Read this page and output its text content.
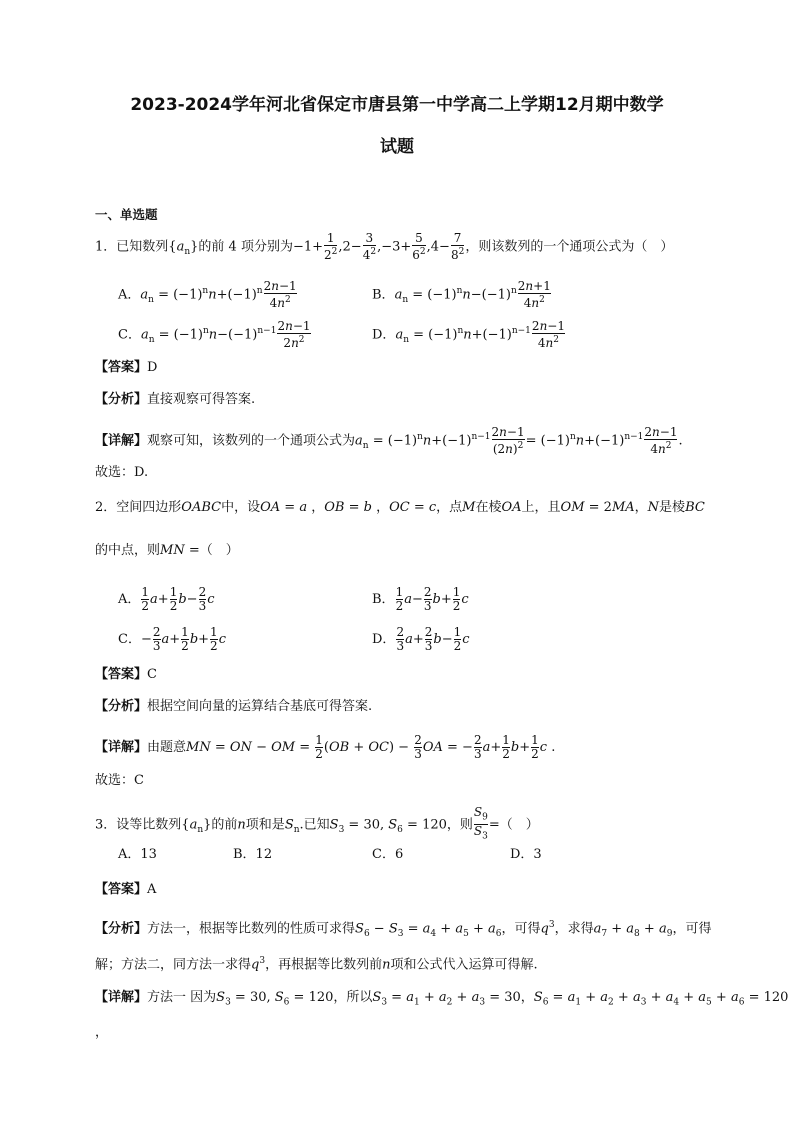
2023-2024学年河北省保定市唐县第一中学高二上学期12月期中数学
试题
一、单选题
1．已知数列$\{a_n\}$的前 4 项分别为$-1+ \frac{1}{2^2} ,2- \frac{3}{4^2} ,-3+ \frac{5}{6^2} ,4- \frac{7}{8^2}$ ，则该数列的一个通项公式为（　）
A．$a_n = (-1)^nn+(-1)^n \frac{2n-1}{4n^2}$	B．$a_n = (-1)^nn-(-1)^n \frac{2n+1}{4n^2}$
C．$a_n = (-1)^nn-(-1)^{n-1} \frac{2n-1}{2n^2}$	D．$a_n = (-1)^nn+(-1)^{n-1} \frac{2n-1}{4n^2}$
【答案】D
【分析】直接观察可得答案.
【详解】观察可知，该数列的一个通项公式为$a_n = (-1)^nn+(-1)^{n-1} \frac{2n-1}{(2n)^2} = (-1)^nn+(-1)^{n-1} \frac{2n-1}{4n^2}$ .
故选：D.
2．空间四边形OABC中，设OA = a ，OB = b ，OC = c，点M在棱OA上，且OM = 2MA，N是棱BC
的中点，则MN =（　）
A． $\frac{1}{2} a+ \frac{1}{2} b- \frac{2}{3}$ c	B． $\frac{1}{2} a- \frac{2}{3} b+ \frac{1}{2}$ c
C．− $\frac{2}{3} a+ \frac{1}{2} b+ \frac{1}{2}$ c	D． $\frac{2}{3} a+ \frac{2}{3} b- \frac{1}{2}$ c
【答案】C
【分析】根据空间向量的运算结合基底可得答案.
【详解】由题意MN = ON − OM = $\frac{1}{2} (OB + OC) - \frac{2}{3}$ OA = − $\frac{2}{3} a+ \frac{1}{2} b+ \frac{1}{2}$ c .
故选：C
3．设等比数列$\{a_n\}$的前n项和是$S_n$.已知$S_3 = 30$, $S_6 = 120$，则 $\frac{S_9}{S_3}$ =（　）
A．13	B．12	C．6	D．3
【答案】A
【分析】方法一，根据等比数列的性质可求得$S_6 - S_3 = a_4 + a_5 + a_6$，可得$q^3$，求得$a_7 + a_8 + a_9$，可得
解；方法二，同方法一求得$q^3$，再根据等比数列前n项和公式代入运算可得解.
【详解】方法一 因为$S_3 = 30$, $S_6 = 120$，所以$S_3 = a_1 + a_2 + a_3 = 30$，$S_6 = a_1 + a_2 + a_3 + a_4 + a_5 + a_6 = 120$
，
